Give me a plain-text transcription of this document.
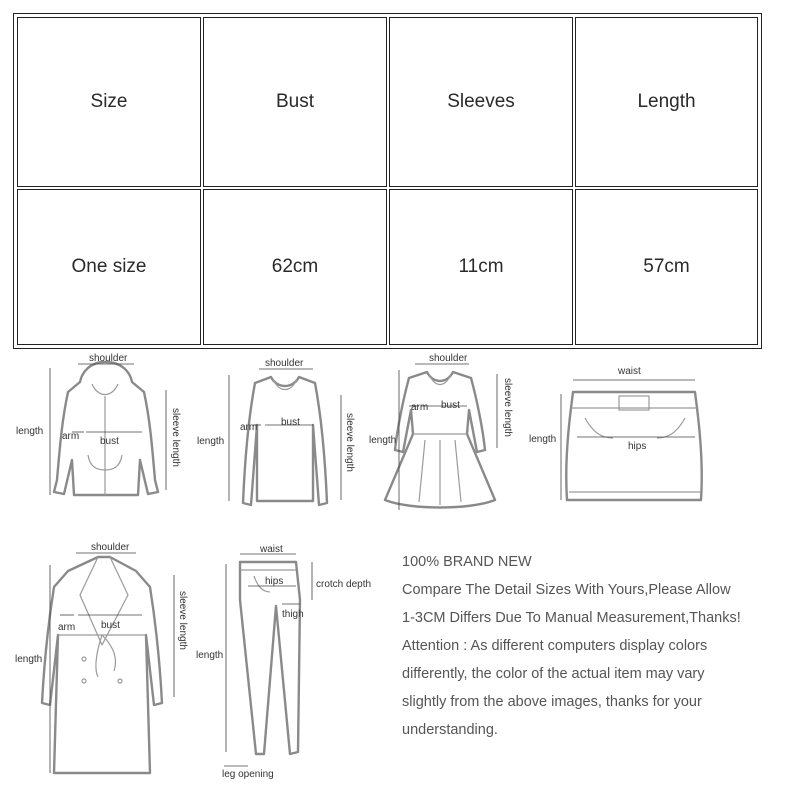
Size	Bust	Sleeves	Length
One size	62cm	11cm	57cm
shoulder
length arm bust	sleeve length
shoulder
length
arm bust	sleeve length
shoulder
length
arm bust	sleeve length
waist
length
hips
shoulder
length
arm	bust	sleeve length
waist
hips	crotch depth
thigh
length
leg opening
100% BRAND NEW
Compare The Detail Sizes With Yours,Please Allow
1-3CM Differs Due To Manual Measurement,Thanks!
Attention : As different computers display colors
differently, the color of the actual item may vary
slightly from the above images, thanks for your
understanding.
